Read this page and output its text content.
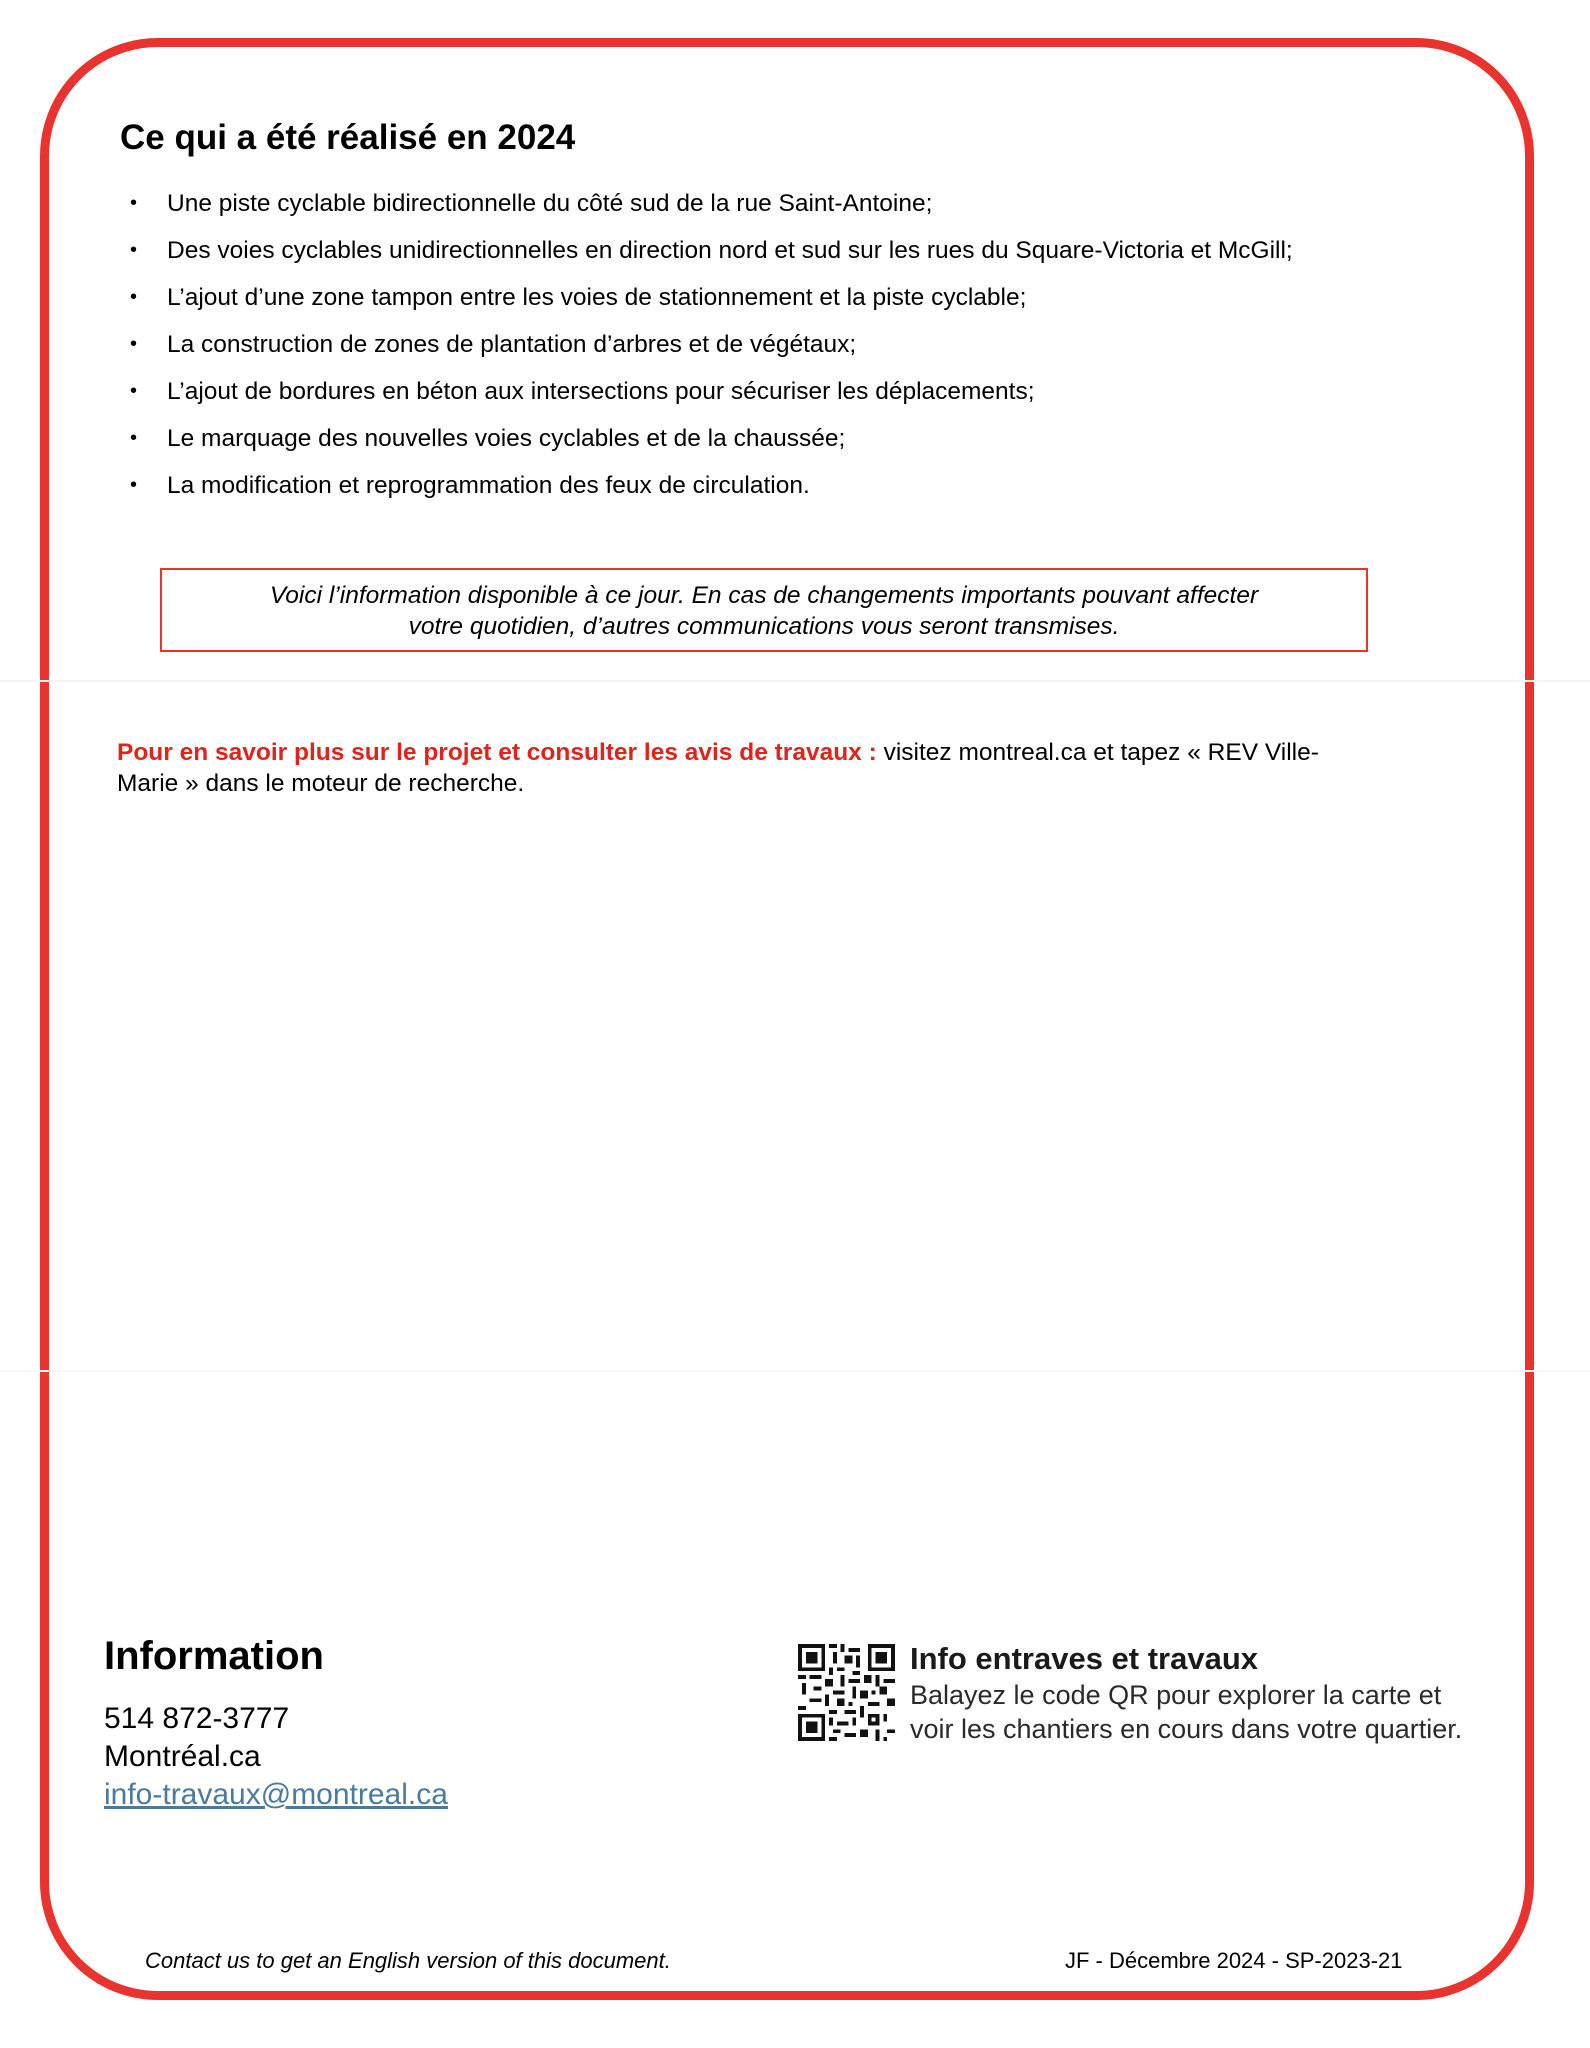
Ce qui a été réalisé en 2024
• Une piste cyclable bidirectionnelle du côté sud de la rue Saint-Antoine;
• Des voies cyclables unidirectionnelles en direction nord et sud sur les rues du Square-Victoria et McGill;
• L’ajout d’une zone tampon entre les voies de stationnement et la piste cyclable;
• La construction de zones de plantation d’arbres et de végétaux;
• L’ajout de bordures en béton aux intersections pour sécuriser les déplacements;
• Le marquage des nouvelles voies cyclables et de la chaussée;
• La modification et reprogrammation des feux de circulation.
Voici l’information disponible à ce jour. En cas de changements importants pouvant affecter
votre quotidien, d’autres communications vous seront transmises.
Pour en savoir plus sur le projet et consulter les avis de travaux : visitez montreal.ca et tapez « REV Ville-Marie » dans le moteur de recherche.
Information
514 872-3777
Montréal.ca
info-travaux@montreal.ca
Info entraves et travaux
Balayez le code QR pour explorer la carte et
voir les chantiers en cours dans votre quartier.
Contact us to get an English version of this document.	JF - Décembre 2024 - SP-2023-21
